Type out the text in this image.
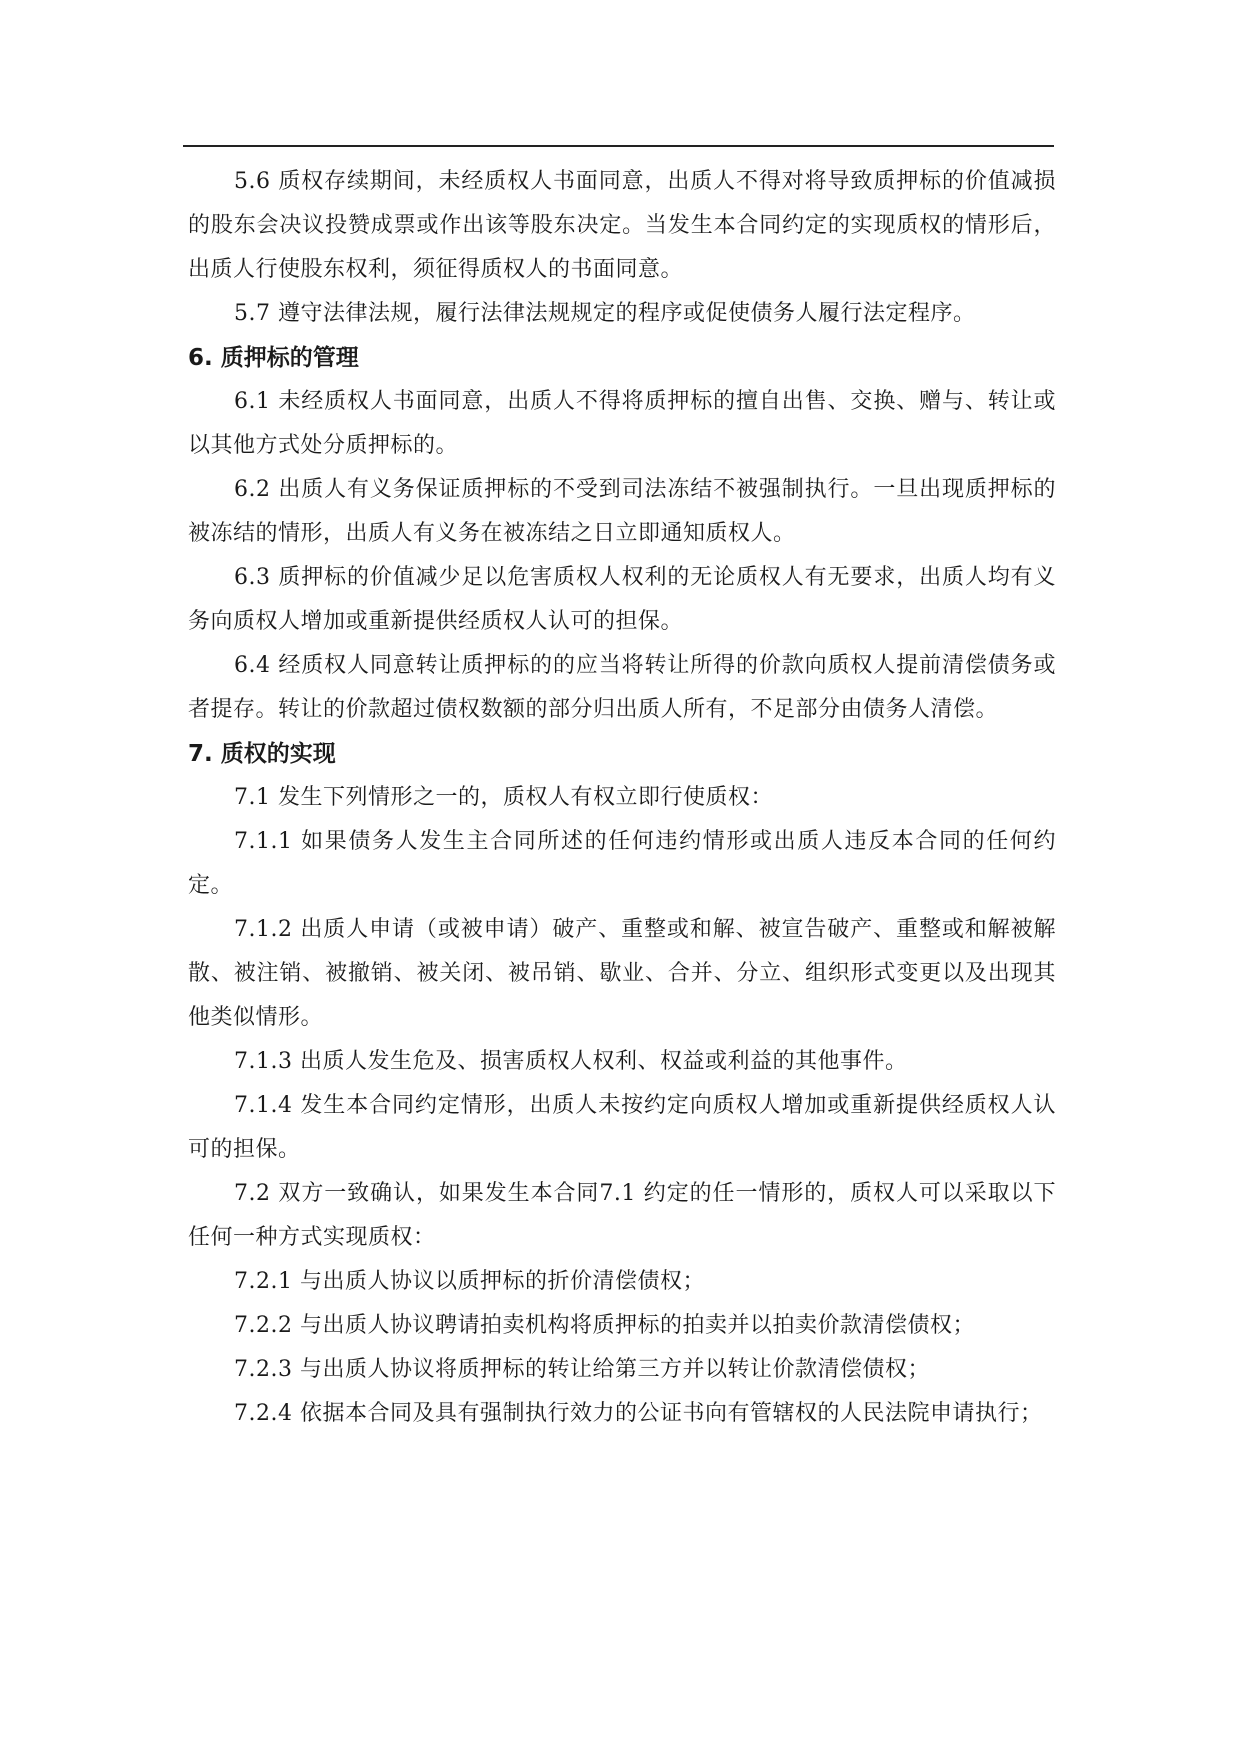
5.6 质权存续期间，未经质权人书面同意，出质人不得对将导致质押标的价值减损的股东会决议投赞成票或作出该等股东决定。当发生本合同约定的实现质权的情形后，出质人行使股东权利，须征得质权人的书面同意。

5.7 遵守法律法规，履行法律法规规定的程序或促使债务人履行法定程序。

6. 质押标的管理

6.1 未经质权人书面同意，出质人不得将质押标的擅自出售、交换、赠与、转让或以其他方式处分质押标的。

6.2 出质人有义务保证质押标的不受到司法冻结不被强制执行。一旦出现质押标的被冻结的情形，出质人有义务在被冻结之日立即通知质权人。

6.3 质押标的价值减少足以危害质权人权利的无论质权人有无要求，出质人均有义务向质权人增加或重新提供经质权人认可的担保。

6.4 经质权人同意转让质押标的的应当将转让所得的价款向质权人提前清偿债务或者提存。转让的价款超过债权数额的部分归出质人所有，不足部分由债务人清偿。

7. 质权的实现

7.1 发生下列情形之一的，质权人有权立即行使质权：

7.1.1 如果债务人发生主合同所述的任何违约情形或出质人违反本合同的任何约定。

7.1.2 出质人申请（或被申请）破产、重整或和解、被宣告破产、重整或和解被解散、被注销、被撤销、被关闭、被吊销、歇业、合并、分立、组织形式变更以及出现其他类似情形。

7.1.3 出质人发生危及、损害质权人权利、权益或利益的其他事件。

7.1.4 发生本合同约定情形，出质人未按约定向质权人增加或重新提供经质权人认可的担保。

7.2 双方一致确认，如果发生本合同7.1 约定的任一情形的，质权人可以采取以下任何一种方式实现质权：

7.2.1 与出质人协议以质押标的折价清偿债权；

7.2.2 与出质人协议聘请拍卖机构将质押标的拍卖并以拍卖价款清偿债权；

7.2.3 与出质人协议将质押标的转让给第三方并以转让价款清偿债权；

7.2.4 依据本合同及具有强制执行效力的公证书向有管辖权的人民法院申请执行；
